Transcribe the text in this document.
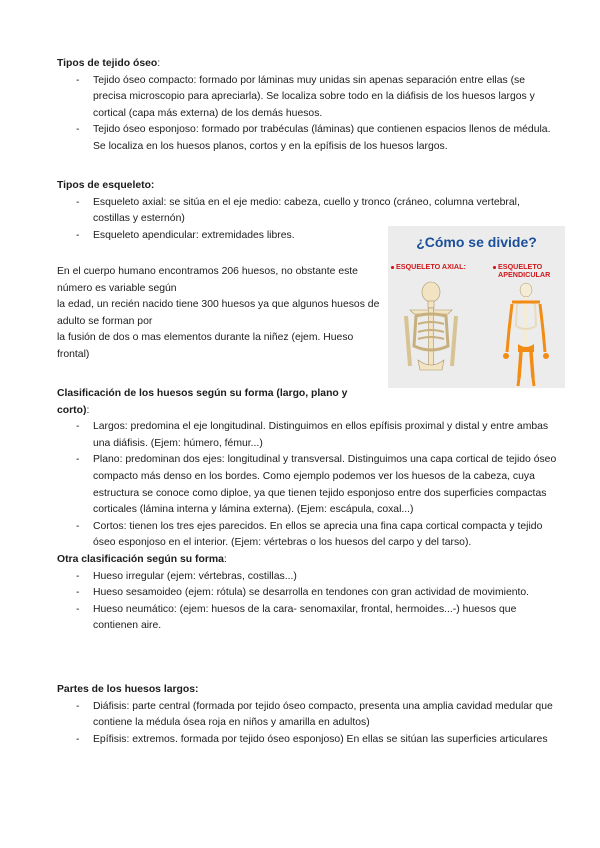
Tipos de tejido óseo:

- Tejido óseo compacto: formado por láminas muy unidas sin apenas separación entre ellas (se precisa microscopio para apreciarla). Se localiza sobre todo en la diáfisis de los huesos largos y cortical (capa más externa) de los demás huesos.
- Tejido óseo esponjoso: formado por trabéculas (láminas) que contienen espacios llenos de médula. Se localiza en los huesos planos, cortos y en la epífisis de los huesos largos.

Tipos de esqueleto:

- Esqueleto axial: se sitúa en el eje medio: cabeza, cuello y tronco (cráneo, columna vertebral, costillas y esternón)
- Esqueleto apendicular: extremidades libres.

En el cuerpo humano encontramos 206 huesos, no obstante este número es variable según

la edad, un recién nacido tiene 300 huesos ya que algunos huesos de adulto se forman por

la fusión de dos o mas elementos durante la niñez (ejem. Hueso frontal)

¿Cómo se divide?
ESQUELETO AXIAL:	ESQUELETO APENDICULAR

Clasificación de los huesos según su forma (largo, plano y corto):

- Largos: predomina el eje longitudinal. Distinguimos en ellos epífisis proximal y distal y entre ambas una diáfisis. (Ejem: húmero, fémur...)
- Plano: predominan dos ejes: longitudinal y transversal. Distinguimos una capa cortical de tejido óseo compacto más denso en los bordes. Como ejemplo podemos ver los huesos de la cabeza, cuya estructura se conoce como diploe, ya que tienen tejido esponjoso entre dos superficies compactas corticales (lámina interna y lámina externa). (Ejem: escápula, coxal...)
- Cortos: tienen los tres ejes parecidos. En ellos se aprecia una fina capa cortical compacta y tejido óseo esponjoso en el interior. (Ejem: vértebras o los huesos del carpo y del tarso).

Otra clasificación según su forma:

- Hueso irregular (ejem: vértebras, costillas...)
- Hueso sesamoideo (ejem: rótula) se desarrolla en tendones con gran actividad de movimiento.
- Hueso neumático: (ejem: huesos de la cara- senomaxilar, frontal, hermoides...-) huesos que contienen aire.

Partes de los huesos largos:

- Diáfisis: parte central (formada por tejido óseo compacto, presenta una amplia cavidad medular que contiene la médula ósea roja en niños y amarilla en adultos)
- Epífisis: extremos. formada por tejido óseo esponjoso) En ellas se sitúan las superficies articulares
